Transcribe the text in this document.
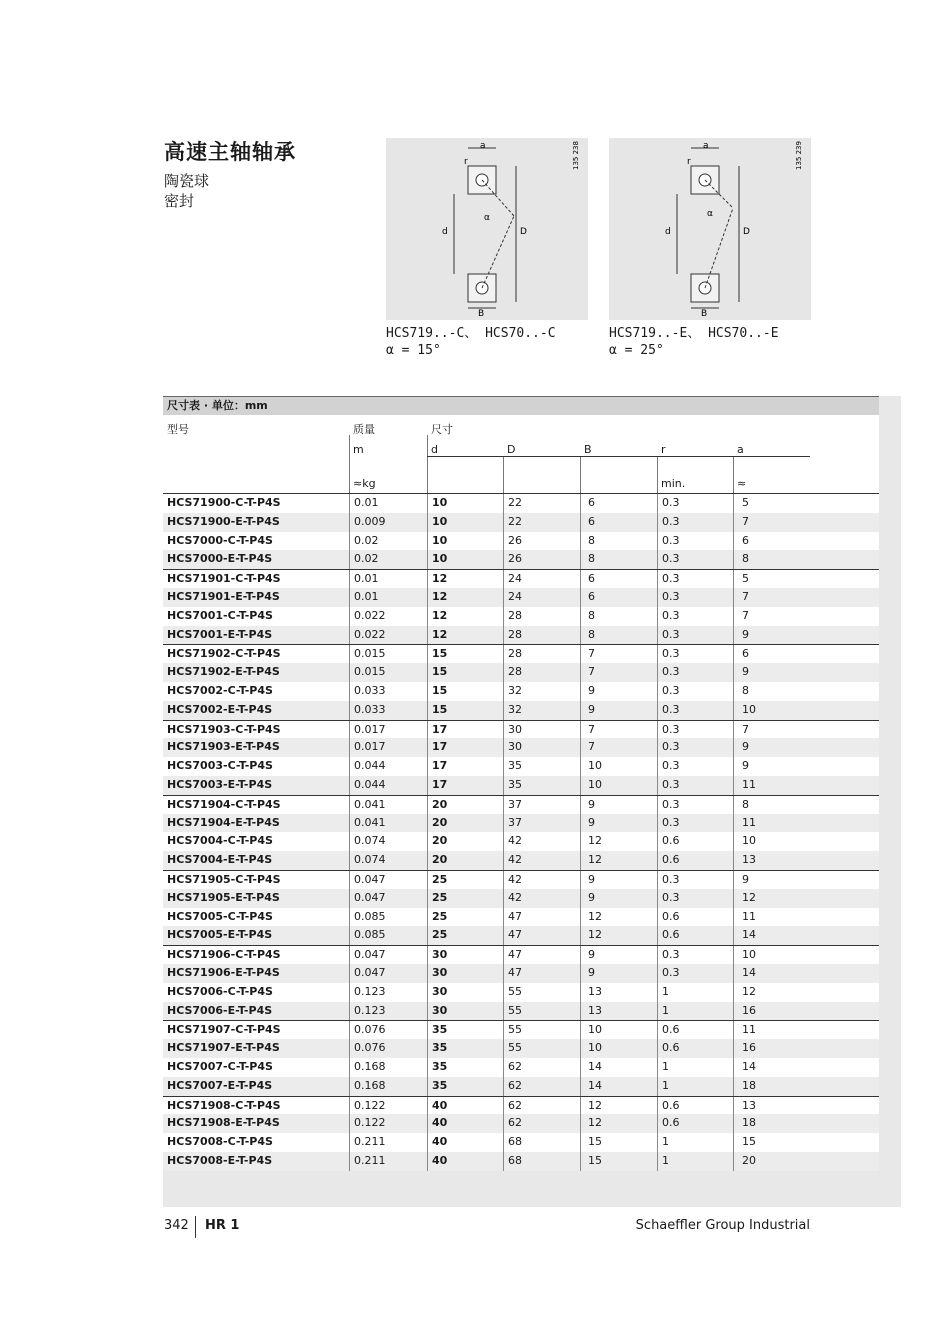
高速主轴轴承
陶瓷球
密封
a
r
α
d	D
B
135 238
HCS719..-C、 HCS70..-C
α = 15°
a
r
α
d	D
B
135 239
HCS719..-E、 HCS70..-E
α = 25°
尺寸表 · 单位：mm
型号	质量	尺寸
m
≈kg
d	D	B	r
min.
a
≈
HCS71900-C-T-P4S	0.01	10	22	6	0.3	5
HCS71900-E-T-P4S	0.009	10	22	6	0.3	7
HCS7000-C-T-P4S	0.02	10	26	8	0.3	6
HCS7000-E-T-P4S	0.02	10	26	8	0.3	8
HCS71901-C-T-P4S	0.01	12	24	6	0.3	5
HCS71901-E-T-P4S	0.01	12	24	6	0.3	7
HCS7001-C-T-P4S	0.022	12	28	8	0.3	7
HCS7001-E-T-P4S	0.022	12	28	8	0.3	9
HCS71902-C-T-P4S	0.015	15	28	7	0.3	6
HCS71902-E-T-P4S	0.015	15	28	7	0.3	9
HCS7002-C-T-P4S	0.033	15	32	9	0.3	8
HCS7002-E-T-P4S	0.033	15	32	9	0.3	10
HCS71903-C-T-P4S	0.017	17	30	7	0.3	7
HCS71903-E-T-P4S	0.017	17	30	7	0.3	9
HCS7003-C-T-P4S	0.044	17	35	10	0.3	9
HCS7003-E-T-P4S	0.044	17	35	10	0.3	11
HCS71904-C-T-P4S	0.041	20	37	9	0.3	8
HCS71904-E-T-P4S	0.041	20	37	9	0.3	11
HCS7004-C-T-P4S	0.074	20	42	12	0.6	10
HCS7004-E-T-P4S	0.074	20	42	12	0.6	13
HCS71905-C-T-P4S	0.047	25	42	9	0.3	9
HCS71905-E-T-P4S	0.047	25	42	9	0.3	12
HCS7005-C-T-P4S	0.085	25	47	12	0.6	11
HCS7005-E-T-P4S	0.085	25	47	12	0.6	14
HCS71906-C-T-P4S	0.047	30	47	9	0.3	10
HCS71906-E-T-P4S	0.047	30	47	9	0.3	14
HCS7006-C-T-P4S	0.123	30	55	13	1	12
HCS7006-E-T-P4S	0.123	30	55	13	1	16
HCS71907-C-T-P4S	0.076	35	55	10	0.6	11
HCS71907-E-T-P4S	0.076	35	55	10	0.6	16
HCS7007-C-T-P4S	0.168	35	62	14	1	14
HCS7007-E-T-P4S	0.168	35	62	14	1	18
HCS71908-C-T-P4S	0.122	40	62	12	0.6	13
HCS71908-E-T-P4S	0.122	40	62	12	0.6	18
HCS7008-C-T-P4S	0.211	40	68	15	1	15
HCS7008-E-T-P4S	0.211	40	68	15	1	20
342 HR 1	Schaeffler Group Industrial
